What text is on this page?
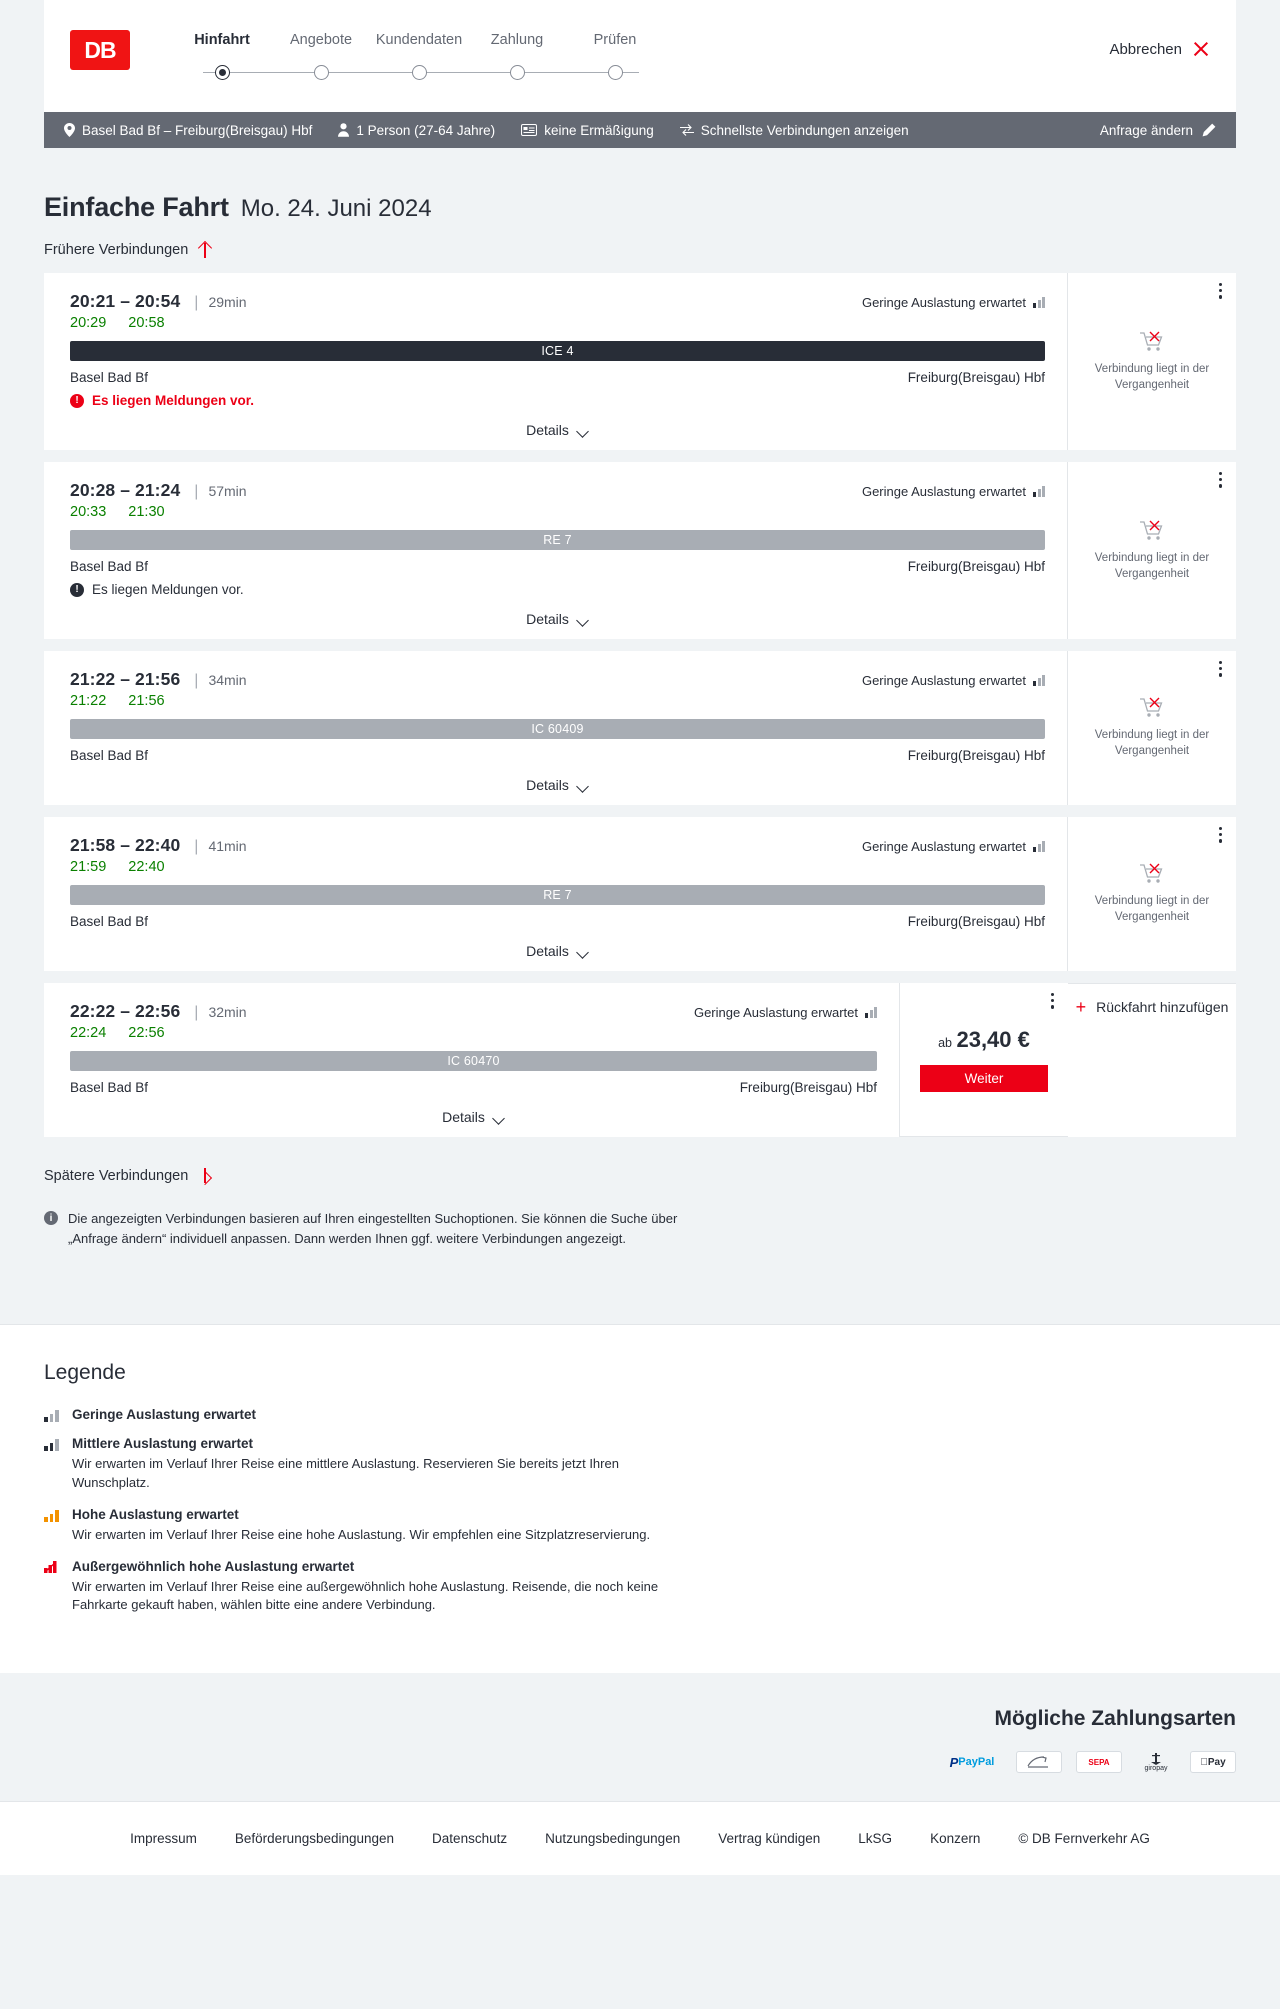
DB	Hinfahrt	Angebote	Kundendaten	Zahlung	Prüfen
Abbrechen
Basel Bad Bf – Freiburg(Breisgau) Hbf	1 Person (27-64 Jahre)	keine Ermäßigung	Schnellste Verbindungen anzeigen	Anfrage ändern
Einfache Fahrt Mo. 24. Juni 2024
Frühere Verbindungen
20:21 – 20:54 | 29min	Geringe Auslastung erwartet
20:29 20:58
ICE 4
Basel Bad Bf	Freiburg(Breisgau) Hbf
! Es liegen Meldungen vor.
Details
Verbindung liegt in der Vergangenheit
20:28 – 21:24 | 57min	Geringe Auslastung erwartet
20:33 21:30
RE 7
Basel Bad Bf	Freiburg(Breisgau) Hbf
! Es liegen Meldungen vor.
Details
Verbindung liegt in der Vergangenheit
21:22 – 21:56 | 34min	Geringe Auslastung erwartet
21:22 21:56
IC 60409
Basel Bad Bf	Freiburg(Breisgau) Hbf
Details
Verbindung liegt in der Vergangenheit
21:58 – 22:40 | 41min	Geringe Auslastung erwartet
21:59 22:40
RE 7
Basel Bad Bf	Freiburg(Breisgau) Hbf
Details
Verbindung liegt in der Vergangenheit
22:22 – 22:56 | 32min	Geringe Auslastung erwartet
22:24 22:56
IC 60470
Basel Bad Bf	Freiburg(Breisgau) Hbf
Details
ab 23,40 €
Weiter
+ Rückfahrt hinzufügen
Spätere Verbindungen
i	Die angezeigten Verbindungen basieren auf Ihren eingestellten Suchoptionen. Sie können die Suche über „Anfrage ändern“ individuell anpassen. Dann werden Ihnen ggf. weitere Verbindungen angezeigt.
Legende
Geringe Auslastung erwartet
Mittlere Auslastung erwartet
Wir erwarten im Verlauf Ihrer Reise eine mittlere Auslastung. Reservieren Sie bereits jetzt Ihren Wunschplatz.
Hohe Auslastung erwartet
Wir erwarten im Verlauf Ihrer Reise eine hohe Auslastung. Wir empfehlen eine Sitzplatzreservierung.
Außergewöhnlich hohe Auslastung erwartet
Wir erwarten im Verlauf Ihrer Reise eine außergewöhnlich hohe Auslastung. Reisende, die noch keine Fahrkarte gekauft haben, wählen bitte eine andere Verbindung.
Mögliche Zahlungsarten
P PayPal	SEPA
giropay
Pay
Impressum	Beförderungsbedingungen	Datenschutz	Nutzungsbedingungen	Vertrag kündigen	LkSG	Konzern	© DB Fernverkehr AG
